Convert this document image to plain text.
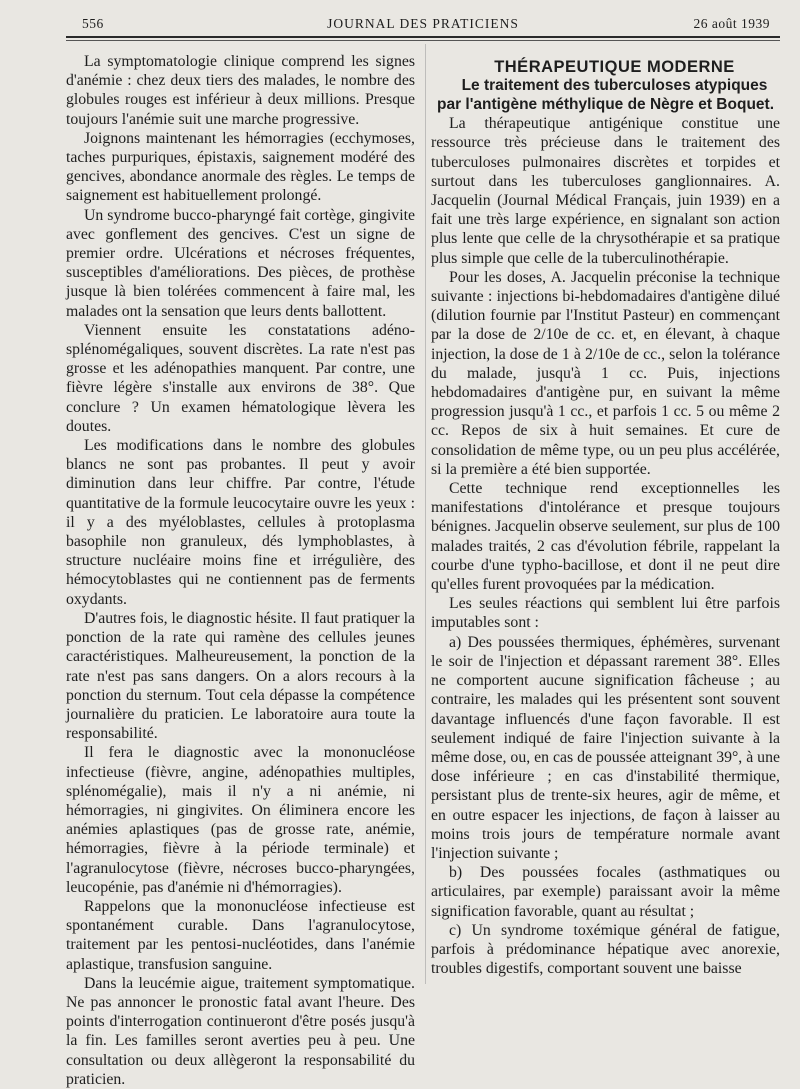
556	JOURNAL DES PRATICIENS	26 août 1939

La symptomatologie clinique comprend les signes d'anémie : chez deux tiers des malades, le nombre des globules rouges est inférieur à deux millions. Presque toujours l'anémie suit une marche progressive.

Joignons maintenant les hémorragies (ecchymoses, taches purpuriques, épistaxis, saignement modéré des gencives, abondance anormale des règles. Le temps de saignement est habituellement prolongé.

Un syndrome bucco-pharyngé fait cortège, gingivite avec gonflement des gencives. C'est un signe de premier ordre. Ulcérations et nécroses fréquentes, susceptibles d'améliorations. Des pièces, de prothèse jusque là bien tolérées commencent à faire mal, les malades ont la sensation que leurs dents ballottent.

Viennent ensuite les constatations adéno-splénomégaliques, souvent discrètes. La rate n'est pas grosse et les adénopathies manquent. Par contre, une fièvre légère s'installe aux environs de 38°. Que conclure ? Un examen hématologique lèvera les doutes.

Les modifications dans le nombre des globules blancs ne sont pas probantes. Il peut y avoir diminution dans leur chiffre. Par contre, l'étude quantitative de la formule leucocytaire ouvre les yeux : il y a des myéloblastes, cellules à protoplasma basophile non granuleux, dés lymphoblastes, à structure nucléaire moins fine et irrégulière, des hémocytoblastes qui ne contiennent pas de ferments oxydants.

D'autres fois, le diagnostic hésite. Il faut pratiquer la ponction de la rate qui ramène des cellules jeunes caractéristiques. Malheureusement, la ponction de la rate n'est pas sans dangers. On a alors recours à la ponction du sternum. Tout cela dépasse la compétence journalière du praticien. Le laboratoire aura toute la responsabilité.

Il fera le diagnostic avec la mononucléose infectieuse (fièvre, angine, adénopathies multiples, splénomégalie), mais il n'y a ni anémie, ni hémorragies, ni gingivites. On éliminera encore les anémies aplastiques (pas de grosse rate, anémie, hémorragies, fièvre à la période terminale) et l'agranulocytose (fièvre, nécroses bucco-pharyngées, leucopénie, pas d'anémie ni d'hémorragies).

Rappelons que la mononucléose infectieuse est spontanément curable. Dans l'agranulocytose, traitement par les pentosi-nucléotides, dans l'anémie aplastique, transfusion sanguine.

Dans la leucémie aigue, traitement symptomatique. Ne pas annoncer le pronostic fatal avant l'heure. Des points d'interrogation continueront d'être posés jusqu'à la fin. Les familles seront averties peu à peu. Une consultation ou deux allègeront la responsabilité du praticien.

THÉRAPEUTIQUE MODERNE

Le traitement des tuberculoses atypiques par l'antigène méthylique de Nègre et Boquet.

La thérapeutique antigénique constitue une ressource très précieuse dans le traitement des tuberculoses pulmonaires discrètes et torpides et surtout dans les tuberculoses ganglionnaires. A. Jacquelin (Journal Médical Français, juin 1939) en a fait une très large expérience, en signalant son action plus lente que celle de la chrysothérapie et sa pratique plus simple que celle de la tuberculinothérapie.

Pour les doses, A. Jacquelin préconise la technique suivante : injections bi-hebdomadaires d'antigène dilué (dilution fournie par l'Institut Pasteur) en commençant par la dose de 2/10e de cc. et, en élevant, à chaque injection, la dose de 1 à 2/10e de cc., selon la tolérance du malade, jusqu'à 1 cc. Puis, injections hebdomadaires d'antigène pur, en suivant la même progression jusqu'à 1 cc., et parfois 1 cc. 5 ou même 2 cc. Repos de six à huit semaines. Et cure de consolidation de même type, ou un peu plus accélérée, si la première a été bien supportée.

Cette technique rend exceptionnelles les manifestations d'intolérance et presque toujours bénignes. Jacquelin observe seulement, sur plus de 100 malades traités, 2 cas d'évolution fébrile, rappelant la courbe d'une typho-bacillose, et dont il ne peut dire qu'elles furent provoquées par la médication.

Les seules réactions qui semblent lui être parfois imputables sont :

a) Des poussées thermiques, éphémères, survenant le soir de l'injection et dépassant rarement 38°. Elles ne comportent aucune signification fâcheuse ; au contraire, les malades qui les présentent sont souvent davantage influencés d'une façon favorable. Il est seulement indiqué de faire l'injection suivante à la même dose, ou, en cas de poussée atteignant 39°, à une dose inférieure ; en cas d'instabilité thermique, persistant plus de trente-six heures, agir de même, et en outre espacer les injections, de façon à laisser au moins trois jours de température normale avant l'injection suivante ;

b) Des poussées focales (asthmatiques ou articulaires, par exemple) paraissant avoir la même signification favorable, quant au résultat ;

c) Un syndrome toxémique général de fatigue, parfois à prédominance hépatique avec anorexie, troubles digestifs, comportant souvent une baisse
